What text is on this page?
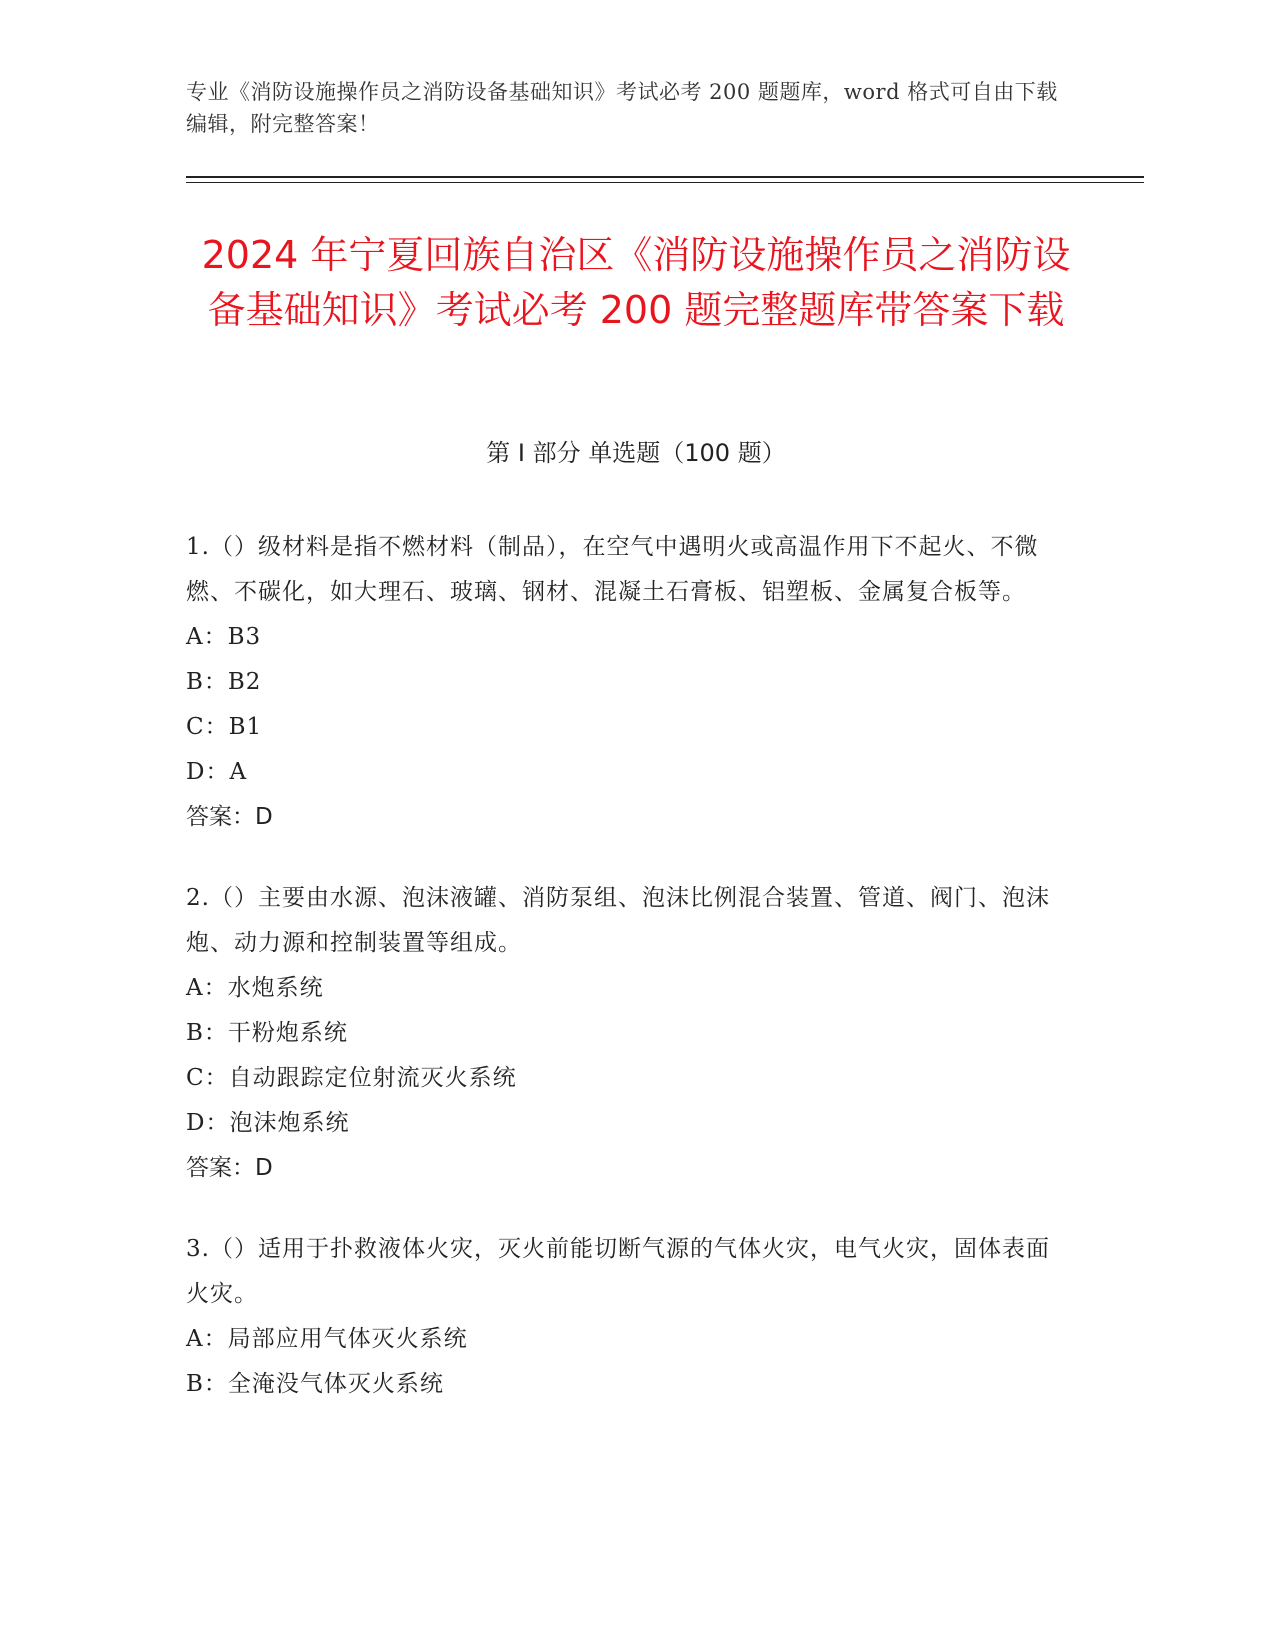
专业《消防设施操作员之消防设备基础知识》考试必考 200 题题库，word 格式可自由下载编辑，附完整答案！
2024 年宁夏回族自治区《消防设施操作员之消防设备基础知识》考试必考 200 题完整题库带答案下载
第 I 部分 单选题（100 题）
1.（）级材料是指不燃材料（制品），在空气中遇明火或高温作用下不起火、不微燃、不碳化，如大理石、玻璃、钢材、混凝土石膏板、铝塑板、金属复合板等。
A：B3
B：B2
C：B1
D：A
答案：D
2.（）主要由水源、泡沫液罐、消防泵组、泡沫比例混合装置、管道、阀门、泡沫炮、动力源和控制装置等组成。
A：水炮系统
B：干粉炮系统
C：自动跟踪定位射流灭火系统
D：泡沫炮系统
答案：D
3.（）适用于扑救液体火灾，灭火前能切断气源的气体火灾，电气火灾，固体表面火灾。
A：局部应用气体灭火系统
B：全淹没气体灭火系统
